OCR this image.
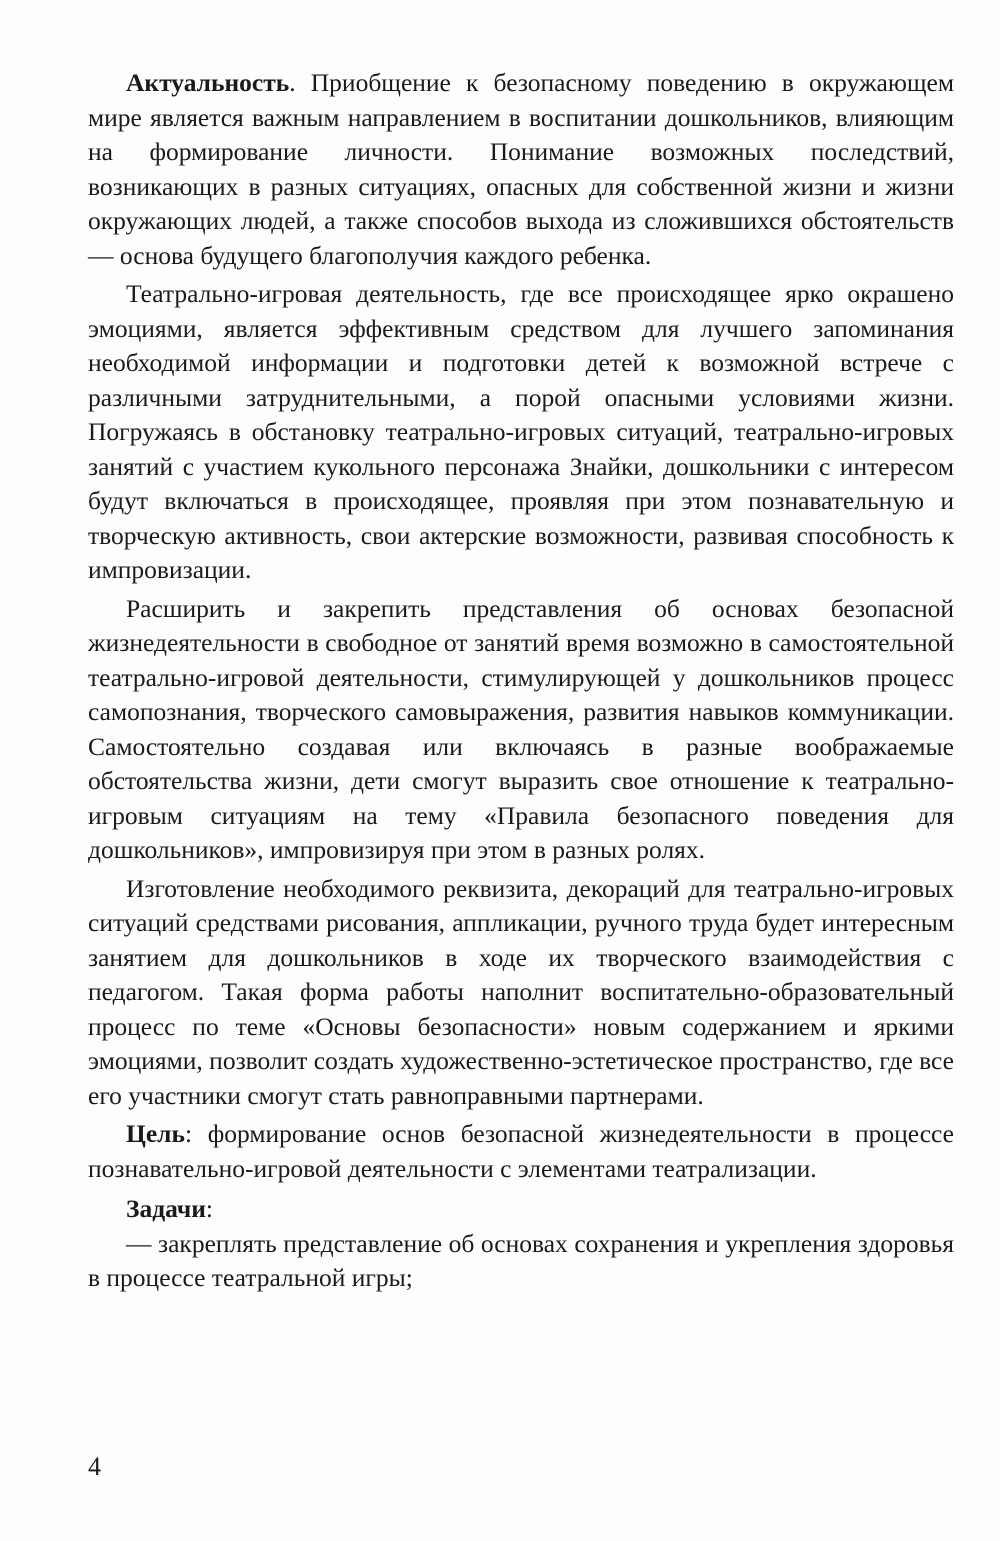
Актуальность. Приобщение к безопасному поведению в окружающем мире является важным направлением в воспитании дошкольников, влияющим на формирование личности. Понимание возможных последствий, возникающих в разных ситуациях, опасных для собственной жизни и жизни окружающих людей, а также способов выхода из сложившихся обстоятельств — основа будущего благополучия каждого ребенка.

Театрально-игровая деятельность, где все происходящее ярко окрашено эмоциями, является эффективным средством для лучшего запоминания необходимой информации и подготовки детей к возможной встрече с различными затруднительными, а порой опасными условиями жизни. Погружаясь в обстановку театрально-игровых ситуаций, театрально-игровых занятий с участием кукольного персонажа Знайки, дошкольники с интересом будут включаться в происходящее, проявляя при этом познавательную и творческую активность, свои актерские возможности, развивая способность к импровизации.

Расширить и закрепить представления об основах безопасной жизнедеятельности в свободное от занятий время возможно в самостоятельной театрально-игровой деятельности, стимулирующей у дошкольников процесс самопознания, творческого самовыражения, развития навыков коммуникации. Самостоятельно создавая или включаясь в разные воображаемые обстоятельства жизни, дети смогут выразить свое отношение к театрально-игровым ситуациям на тему «Правила безопасного поведения для дошкольников», импровизируя при этом в разных ролях.

Изготовление необходимого реквизита, декораций для театрально-игровых ситуаций средствами рисования, аппликации, ручного труда будет интересным занятием для дошкольников в ходе их творческого взаимодействия с педагогом. Такая форма работы наполнит воспитательно-образовательный процесс по теме «Основы безопасности» новым содержанием и яркими эмоциями, позволит создать художественно-эстетическое пространство, где все его участники смогут стать равноправными партнерами.

Цель: формирование основ безопасной жизнедеятельности в процессе познавательно-игровой деятельности с элементами театрализации.

Задачи:

— закреплять представление об основах сохранения и укрепления здоровья в процессе театральной игры;

4
